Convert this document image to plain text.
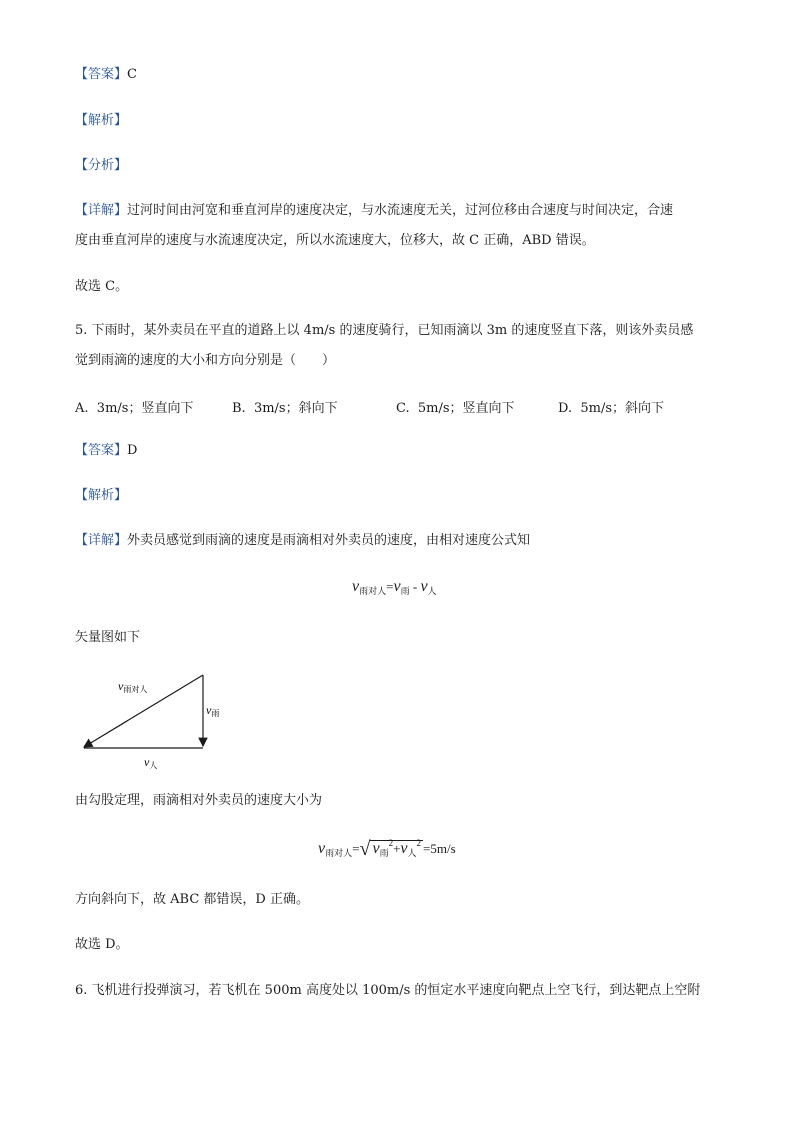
【答案】C
【解析】
【分析】
【详解】过河时间由河宽和垂直河岸的速度决定，与水流速度无关，过河位移由合速度与时间决定，合速
度由垂直河岸的速度与水流速度决定，所以水流速度大，位移大，故 C 正确，ABD 错误。
故选 C。
5. 下雨时，某外卖员在平直的道路上以 4m/s 的速度骑行，已知雨滴以 3m 的速度竖直下落，则该外卖员感
觉到雨滴的速度的大小和方向分别是（　　）
A. 3m/s；竖直向下	B. 3m/s；斜向下	C. 5m/s；竖直向下	D. 5m/s；斜向下
【答案】D
【解析】
【详解】外卖员感觉到雨滴的速度是雨滴相对外卖员的速度，由相对速度公式知
$v_{雨对人}=v_雨 - v_人$
矢量图如下
v雨对人
v雨
v人
由勾股定理，雨滴相对外卖员的速度大小为
$v_{雨对人}=√$ $v_雨^2+v_人^2 =5m/s$
方向斜向下，故 ABC 都错误，D 正确。
故选 D。
6. 飞机进行投弹演习，若飞机在 500m 高度处以 100m/s 的恒定水平速度向靶点上空飞行，到达靶点上空附
